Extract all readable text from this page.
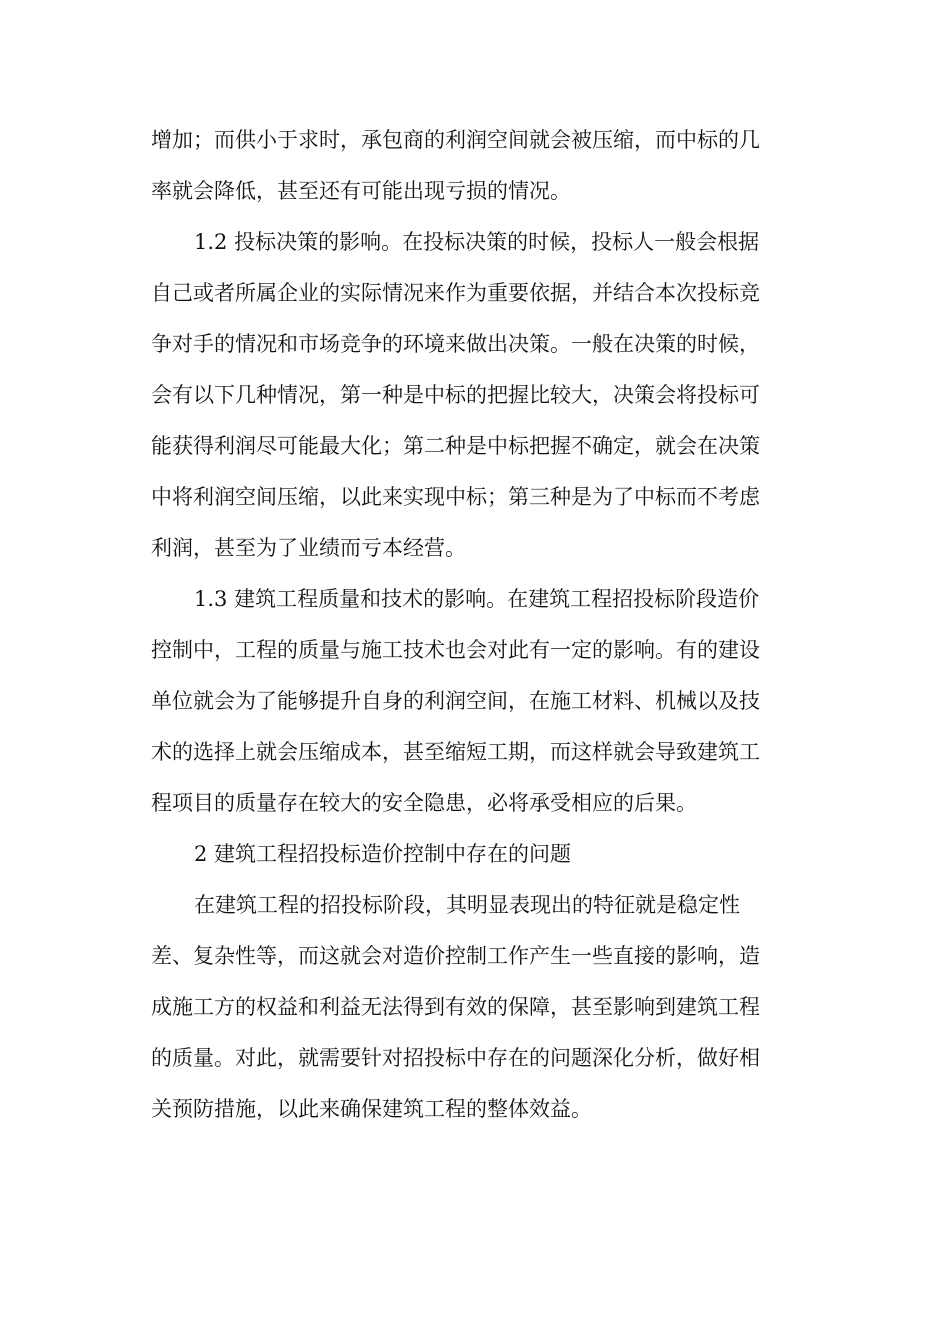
增加；而供小于求时，承包商的利润空间就会被压缩，而中标的几
率就会降低，甚至还有可能出现亏损的情况。
1.2 投标决策的影响。在投标决策的时候，投标人一般会根据
自己或者所属企业的实际情况来作为重要依据，并结合本次投标竞
争对手的情况和市场竞争的环境来做出决策。一般在决策的时候，
会有以下几种情况，第一种是中标的把握比较大，决策会将投标可
能获得利润尽可能最大化；第二种是中标把握不确定，就会在决策
中将利润空间压缩，以此来实现中标；第三种是为了中标而不考虑
利润，甚至为了业绩而亏本经营。
1.3 建筑工程质量和技术的影响。在建筑工程招投标阶段造价
控制中，工程的质量与施工技术也会对此有一定的影响。有的建设
单位就会为了能够提升自身的利润空间，在施工材料、机械以及技
术的选择上就会压缩成本，甚至缩短工期，而这样就会导致建筑工
程项目的质量存在较大的安全隐患，必将承受相应的后果。
2 建筑工程招投标造价控制中存在的问题
在建筑工程的招投标阶段，其明显表现出的特征就是稳定性
差、复杂性等，而这就会对造价控制工作产生一些直接的影响，造
成施工方的权益和利益无法得到有效的保障，甚至影响到建筑工程
的质量。对此，就需要针对招投标中存在的问题深化分析，做好相
关预防措施，以此来确保建筑工程的整体效益。
